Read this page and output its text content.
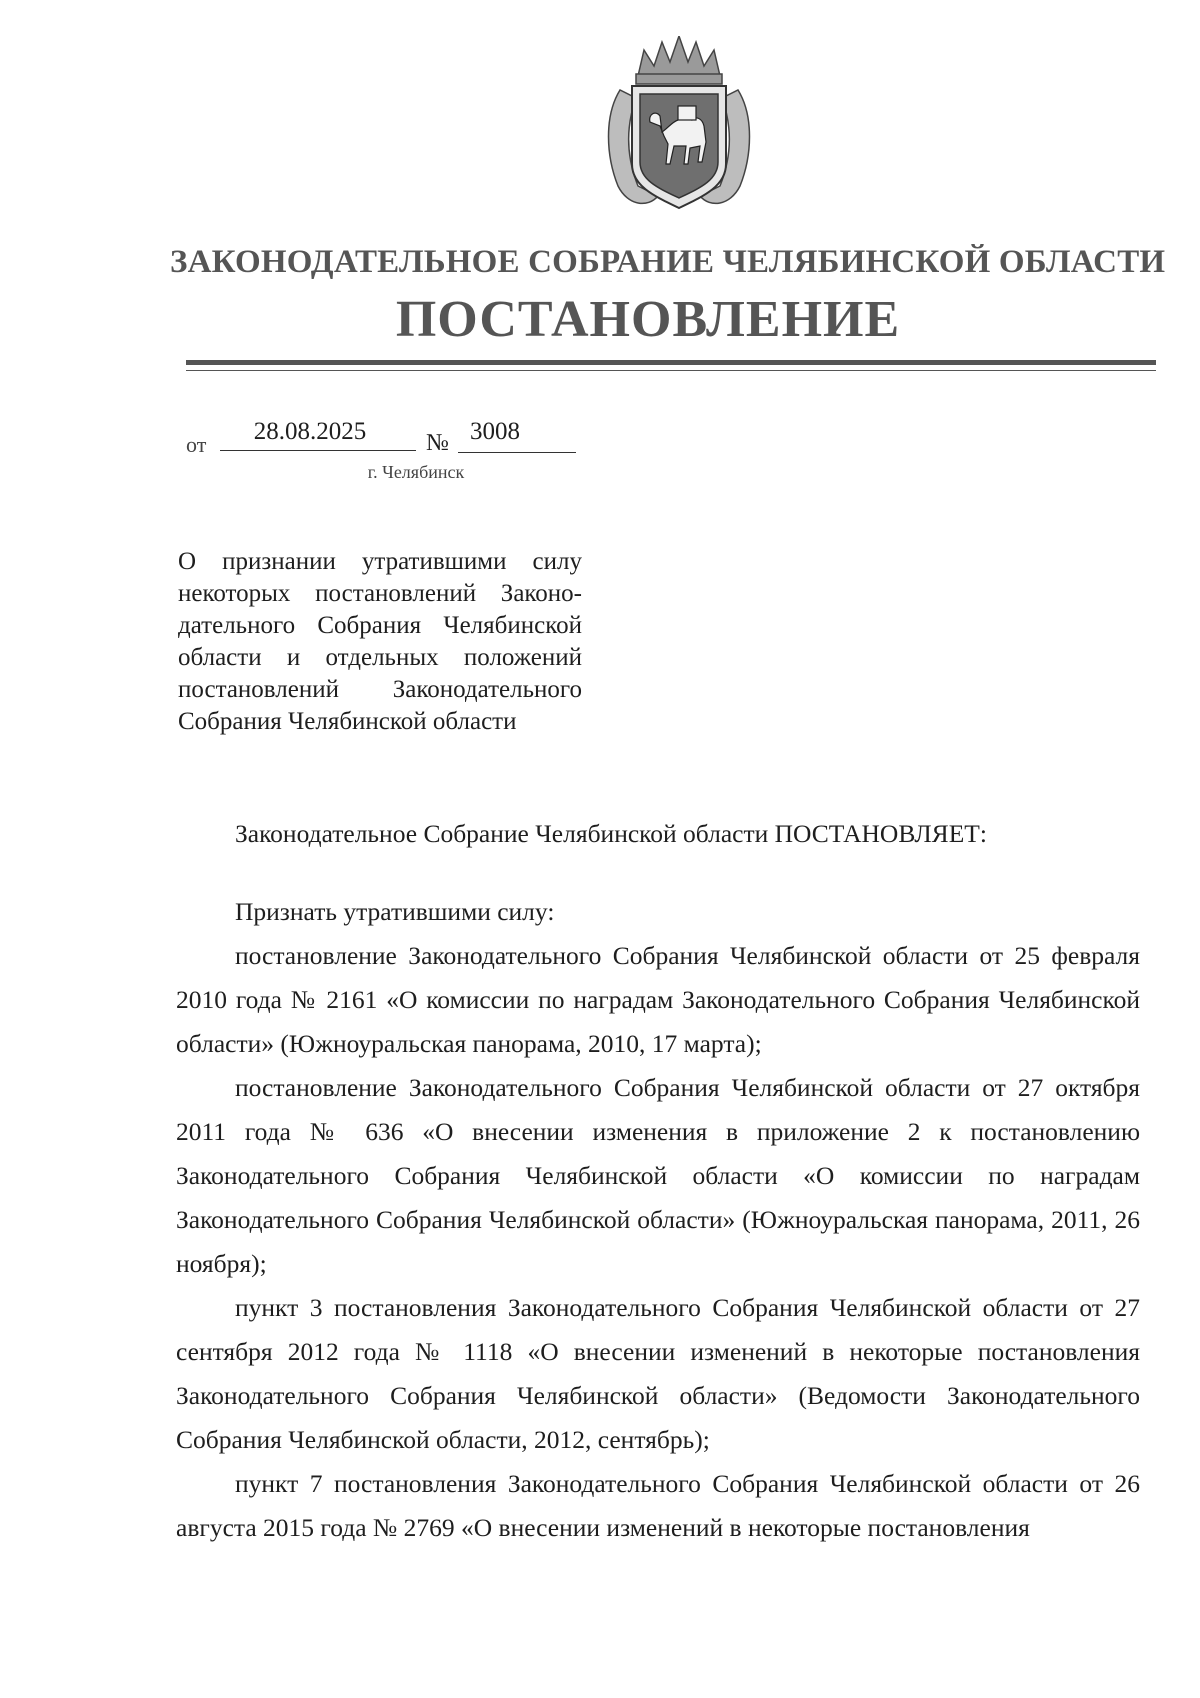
ЗАКОНОДАТЕЛЬНОЕ СОБРАНИЕ ЧЕЛЯБИНСКОЙ ОБЛАСТИ
ПОСТАНОВЛЕНИЕ
от	28.08.2025	№ 3008
г. Челябинск
О признании утратившими силу
некоторых постановлений Законо-
дательного Собрания Челябинской
области и отдельных положений
постановлений Законодательного
Собрания Челябинской области
Законодательное Собрание Челябинской области ПОСТАНОВЛЯЕТ:

Признать утратившими силу:

постановление Законодательного Собрания Челябинской области от 25 февраля 2010 года № 2161 «О комиссии по наградам Законодательного Собрания Челябинской области» (Южноуральская панорама, 2010, 17 марта);

постановление Законодательного Собрания Челябинской области от 27 октября 2011 года № 636 «О внесении изменения в приложение 2 к постановлению Законодательного Собрания Челябинской области «О комиссии по наградам Законодательного Собрания Челябинской области» (Южноуральская панорама, 2011, 26 ноября);

пункт 3 постановления Законодательного Собрания Челябинской области от 27 сентября 2012 года № 1118 «О внесении изменений в некоторые постановления Законодательного Собрания Челябинской области» (Ведомости Законодательного Собрания Челябинской области, 2012, сентябрь);

пункт 7 постановления Законодательного Собрания Челябинской области от 26 августа 2015 года № 2769 «О внесении изменений в некоторые постановления
